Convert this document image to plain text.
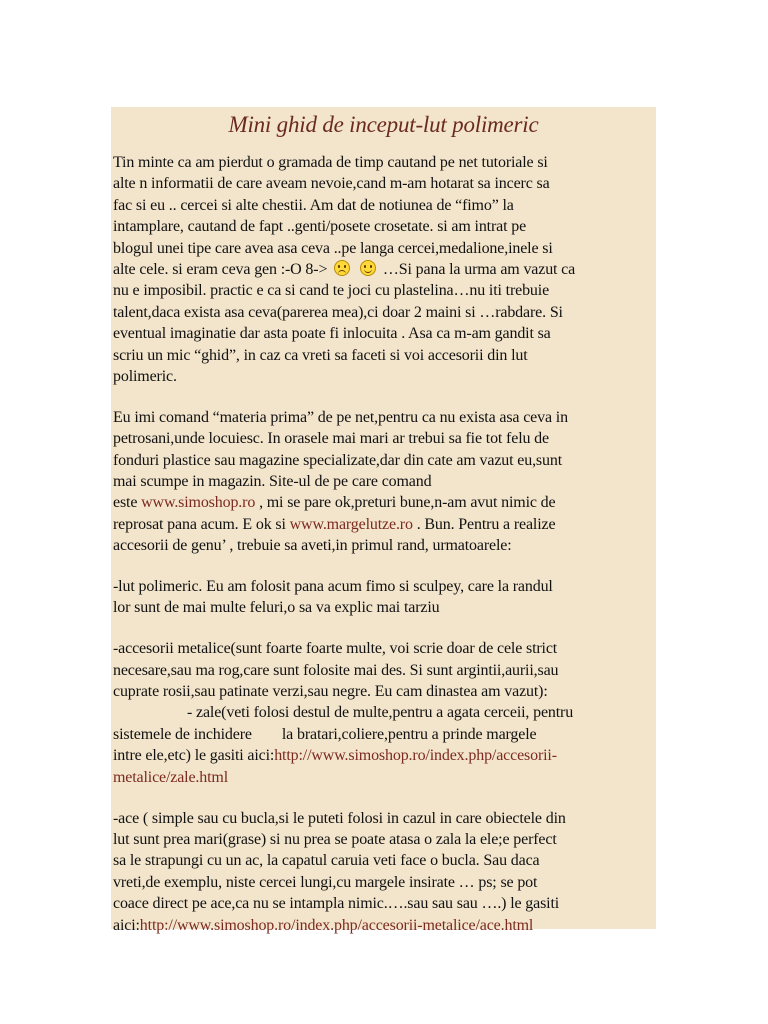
Mini ghid de inceput-lut polimeric
Tin minte ca am pierdut o gramada de timp cautand pe net tutoriale si
alte n informatii de care aveam nevoie,cand m-am hotarat sa incerc sa
fac si eu .. cercei si alte chestii. Am dat de notiunea de “fimo” la
intamplare, cautand de fapt ..genti/posete crosetate. si am intrat pe
blogul unei tipe care avea asa ceva ..pe langa cercei,medalione,inele si
alte cele. si eram ceva gen :-O 8->
	…Si pana la urma am vazut ca
nu e imposibil. practic e ca si cand te joci cu plastelina…nu iti trebuie
talent,daca exista asa ceva(parerea mea),ci doar 2 maini si …rabdare. Si
eventual imaginatie dar asta poate fi inlocuita . Asa ca m-am gandit sa
scriu un mic “ghid”, in caz ca vreti sa faceti si voi accesorii din lut
polimeric.
Eu imi comand “materia prima” de pe net,pentru ca nu exista asa ceva in
petrosani,unde locuiesc. In orasele mai mari ar trebui sa fie tot felu de
fonduri plastice sau magazine specializate,dar din cate am vazut eu,sunt
mai scumpe in magazin. Site-ul de pe care comand
este www.simoshop.ro , mi se pare ok,preturi bune,n-am avut nimic de
reprosat pana acum. E ok si www.margelutze.ro . Bun. Pentru a realize
accesorii de genu’ , trebuie sa aveti,in primul rand, urmatoarele:
-lut polimeric. Eu am folosit pana acum fimo si sculpey, care la randul
lor sunt de mai multe feluri,o sa va explic mai tarziu
-accesorii metalice(sunt foarte foarte multe, voi scrie doar de cele strict
necesare,sau ma rog,care sunt folosite mai des. Si sunt argintii,aurii,sau
cuprate rosii,sau patinate verzi,sau negre. Eu cam dinastea am vazut):
- zale(veti folosi destul de multe,pentru a agata cerceii, pentru
sistemele de inchidere la bratari,coliere,pentru a prinde margele
intre ele,etc) le gasiti aici:http://www.simoshop.ro/index.php/accesorii-
metalice/zale.html
-ace ( simple sau cu bucla,si le puteti folosi in cazul in care obiectele din
lut sunt prea mari(grase) si nu prea se poate atasa o zala la ele;e perfect
sa le strapungi cu un ac, la capatul caruia veti face o bucla. Sau daca
vreti,de exemplu, niste cercei lungi,cu margele insirate … ps; se pot
coace direct pe ace,ca nu se intampla nimic.….sau sau sau ….) le gasiti
aici:http://www.simoshop.ro/index.php/accesorii-metalice/ace.html
